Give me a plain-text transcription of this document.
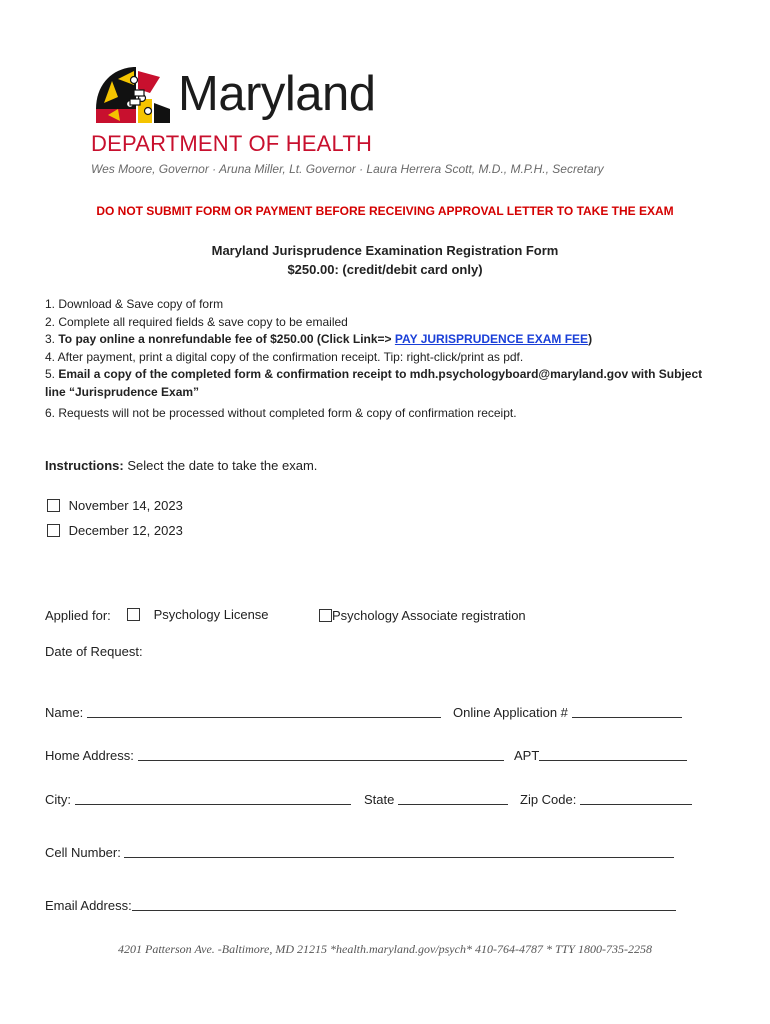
Maryland
DEPARTMENT OF HEALTH
Wes Moore, Governor · Aruna Miller, Lt. Governor · Laura Herrera Scott, M.D., M.P.H., Secretary
DO NOT SUBMIT FORM OR PAYMENT BEFORE RECEIVING APPROVAL LETTER TO TAKE THE EXAM
Maryland Jurisprudence Examination Registration Form
$250.00: (credit/debit card only)

1. Download & Save copy of form

2. Complete all required fields & save copy to be emailed

3. To pay online a nonrefundable fee of $250.00 (Click Link=> PAY JURISPRUDENCE EXAM FEE)

4. After payment, print a digital copy of the confirmation receipt. Tip: right-click/print as pdf.

5. Email a copy of the completed form & confirmation receipt to mdh.psychologyboard@maryland.gov with Subject line “Jurisprudence Exam”

6. Requests will not be processed without completed form & copy of confirmation receipt.

Instructions: Select the date to take the exam.
November 14, 2023
December 12, 2023
Applied for:	Psychology License	Psychology Associate registration
Date of Request:
Name:	Online Application #
Home Address:	APT
City:	State	Zip Code:
Cell Number:
Email Address:
4201 Patterson Ave. -Baltimore, MD 21215 *health.maryland.gov/psych* 410-764-4787 * TTY 1800-735-2258
